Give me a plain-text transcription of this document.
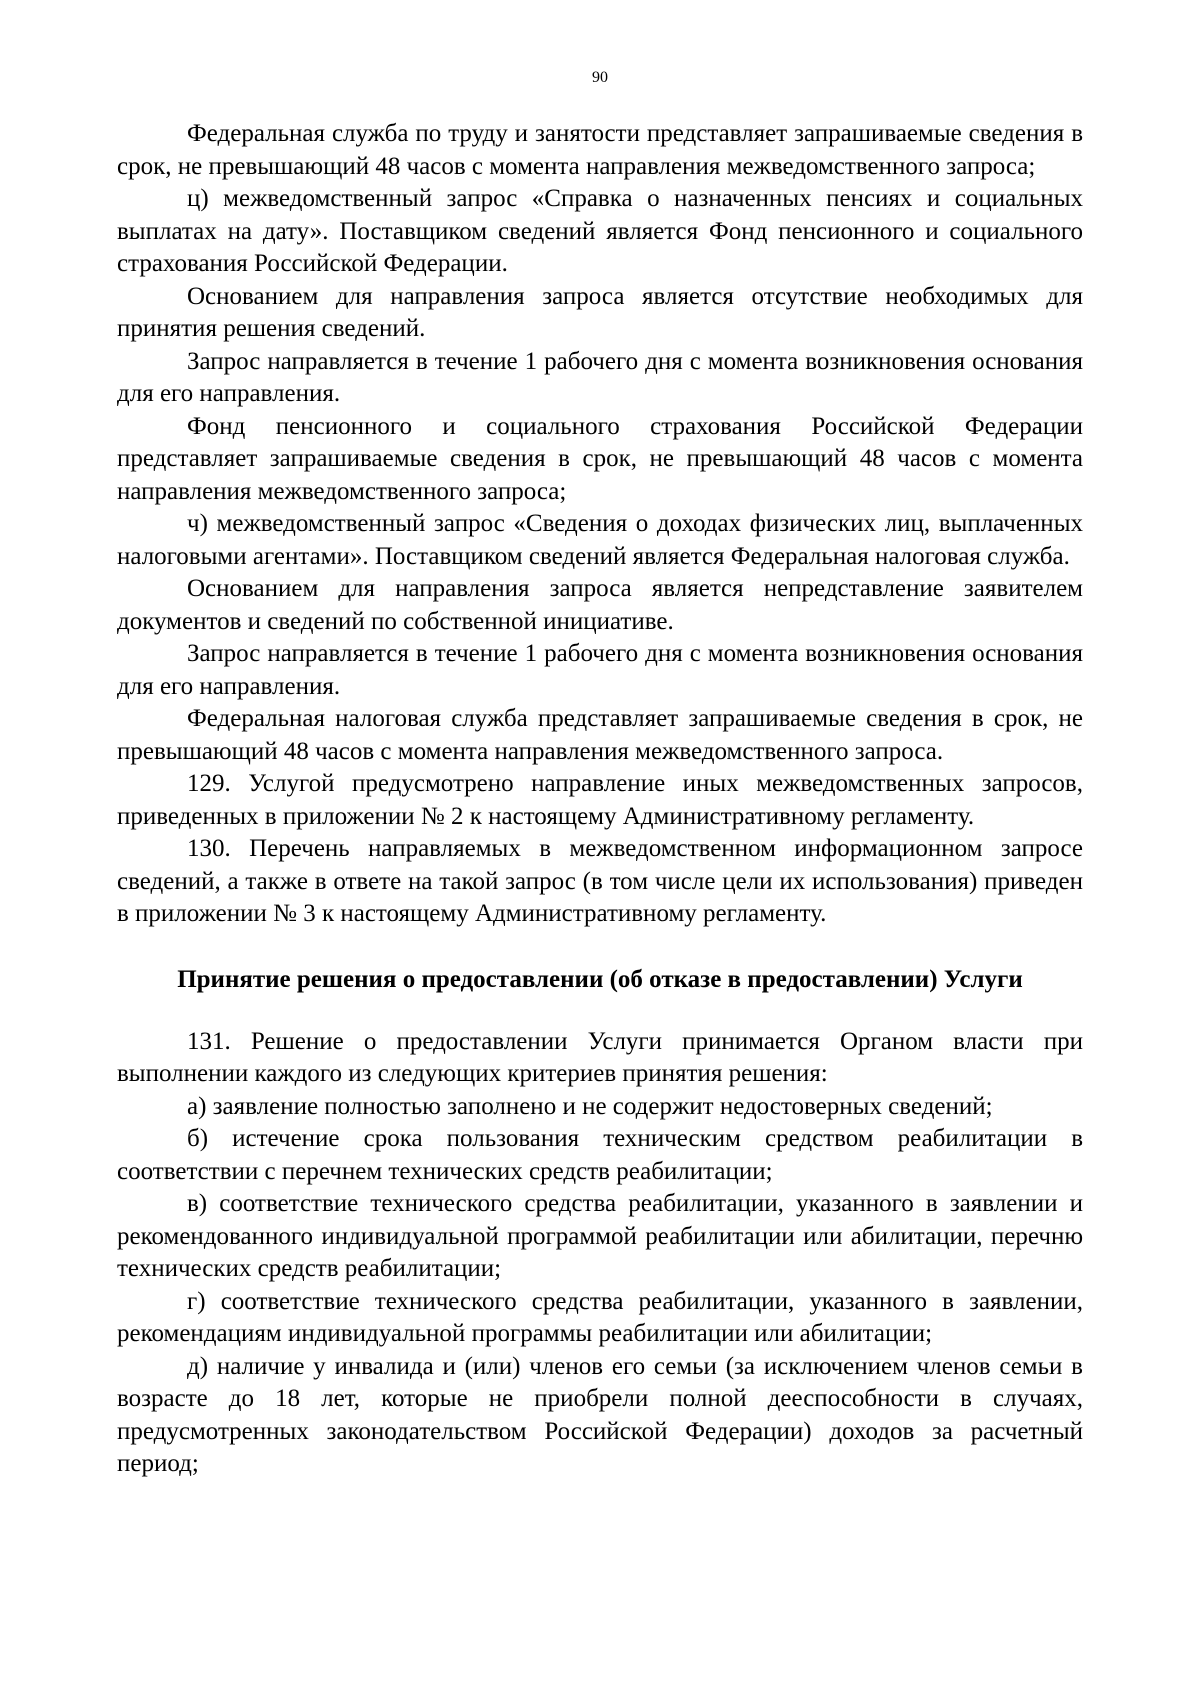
90

Федеральная служба по труду и занятости представляет запрашиваемые сведения в срок, не превышающий 48 часов с момента направления межведомственного запроса;

ц) межведомственный запрос «Справка о назначенных пенсиях и социальных выплатах на дату». Поставщиком сведений является Фонд пенсионного и социального страхования Российской Федерации.

Основанием для направления запроса является отсутствие необходимых для принятия решения сведений.

Запрос направляется в течение 1 рабочего дня с момента возникновения основания для его направления.

Фонд пенсионного и социального страхования Российской Федерации представляет запрашиваемые сведения в срок, не превышающий 48 часов с момента направления межведомственного запроса;

ч) межведомственный запрос «Сведения о доходах физических лиц, выплаченных налоговыми агентами». Поставщиком сведений является Федеральная налоговая служба.

Основанием для направления запроса является непредставление заявителем документов и сведений по собственной инициативе.

Запрос направляется в течение 1 рабочего дня с момента возникновения основания для его направления.

Федеральная налоговая служба представляет запрашиваемые сведения в срок, не превышающий 48 часов с момента направления межведомственного запроса.

129. Услугой предусмотрено направление иных межведомственных запросов, приведенных в приложении № 2 к настоящему Административному регламенту.

130. Перечень направляемых в межведомственном информационном запросе сведений, а также в ответе на такой запрос (в том числе цели их использования) приведен в приложении № 3 к настоящему Административному регламенту.

Принятие решения о предоставлении (об отказе в предоставлении) Услуги

131. Решение о предоставлении Услуги принимается Органом власти при выполнении каждого из следующих критериев принятия решения:

а) заявление полностью заполнено и не содержит недостоверных сведений;

б) истечение срока пользования техническим средством реабилитации в соответствии с перечнем технических средств реабилитации;

в) соответствие технического средства реабилитации, указанного в заявлении и рекомендованного индивидуальной программой реабилитации или абилитации, перечню технических средств реабилитации;

г) соответствие технического средства реабилитации, указанного в заявлении, рекомендациям индивидуальной программы реабилитации или абилитации;

д) наличие у инвалида и (или) членов его семьи (за исключением членов семьи в возрасте до 18 лет, которые не приобрели полной дееспособности в случаях, предусмотренных законодательством Российской Федерации) доходов за расчетный период;
